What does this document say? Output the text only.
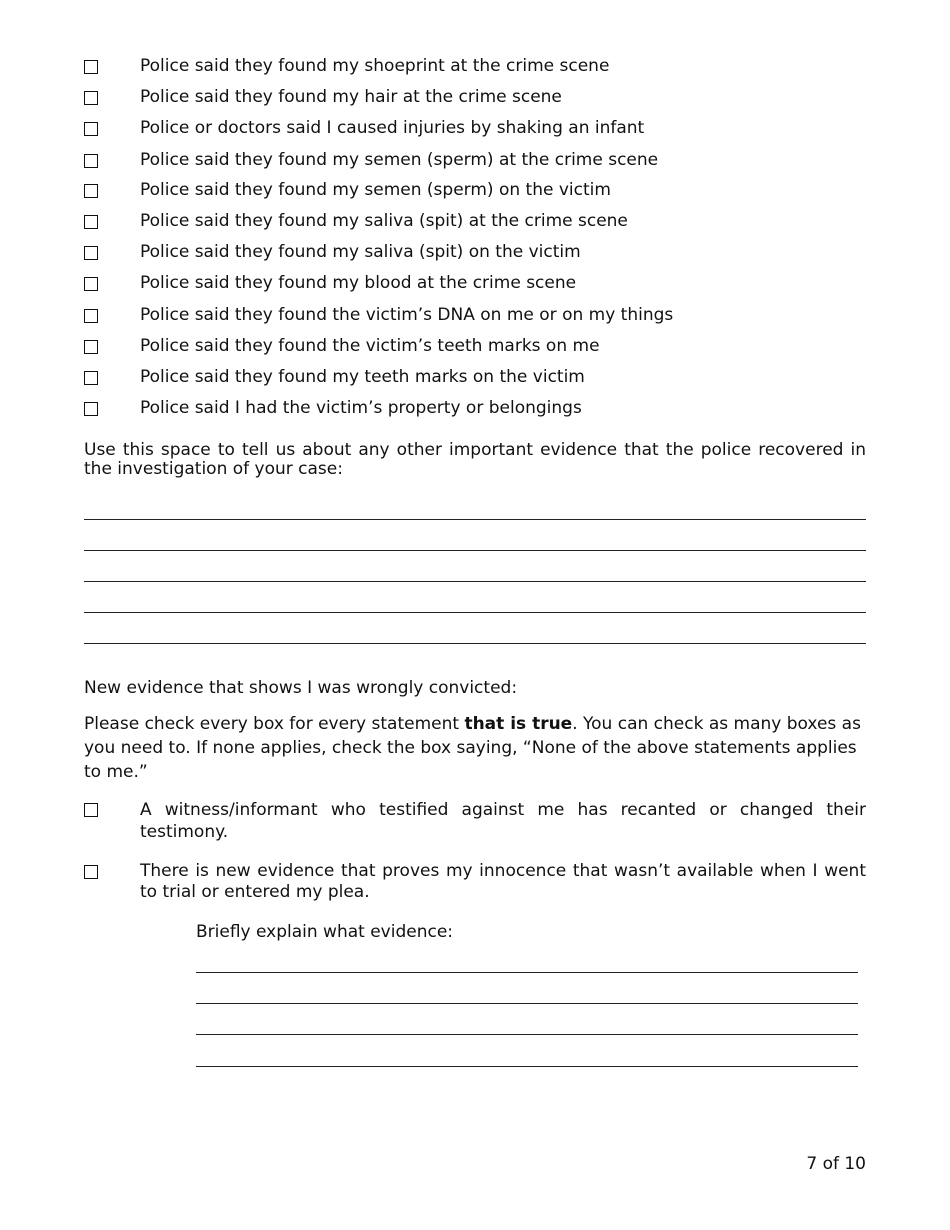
Police said they found my shoeprint at the crime scene
Police said they found my hair at the crime scene
Police or doctors said I caused injuries by shaking an infant
Police said they found my semen (sperm) at the crime scene
Police said they found my semen (sperm) on the victim
Police said they found my saliva (spit) at the crime scene
Police said they found my saliva (spit) on the victim
Police said they found my blood at the crime scene
Police said they found the victim’s DNA on me or on my things
Police said they found the victim’s teeth marks on me
Police said they found my teeth marks on the victim
Police said I had the victim’s property or belongings
Use this space to tell us about any other important evidence that the police recovered in the investigation of your case:
New evidence that shows I was wrongly convicted:
Please check every box for every statement that is true. You can check as many boxes as you need to. If none applies, check the box saying, “None of the above statements applies to me.”
A witness/informant who testified against me has recanted or changed their testimony.
There is new evidence that proves my innocence that wasn’t available when I went to trial or entered my plea.
Briefly explain what evidence:
7 of 10
